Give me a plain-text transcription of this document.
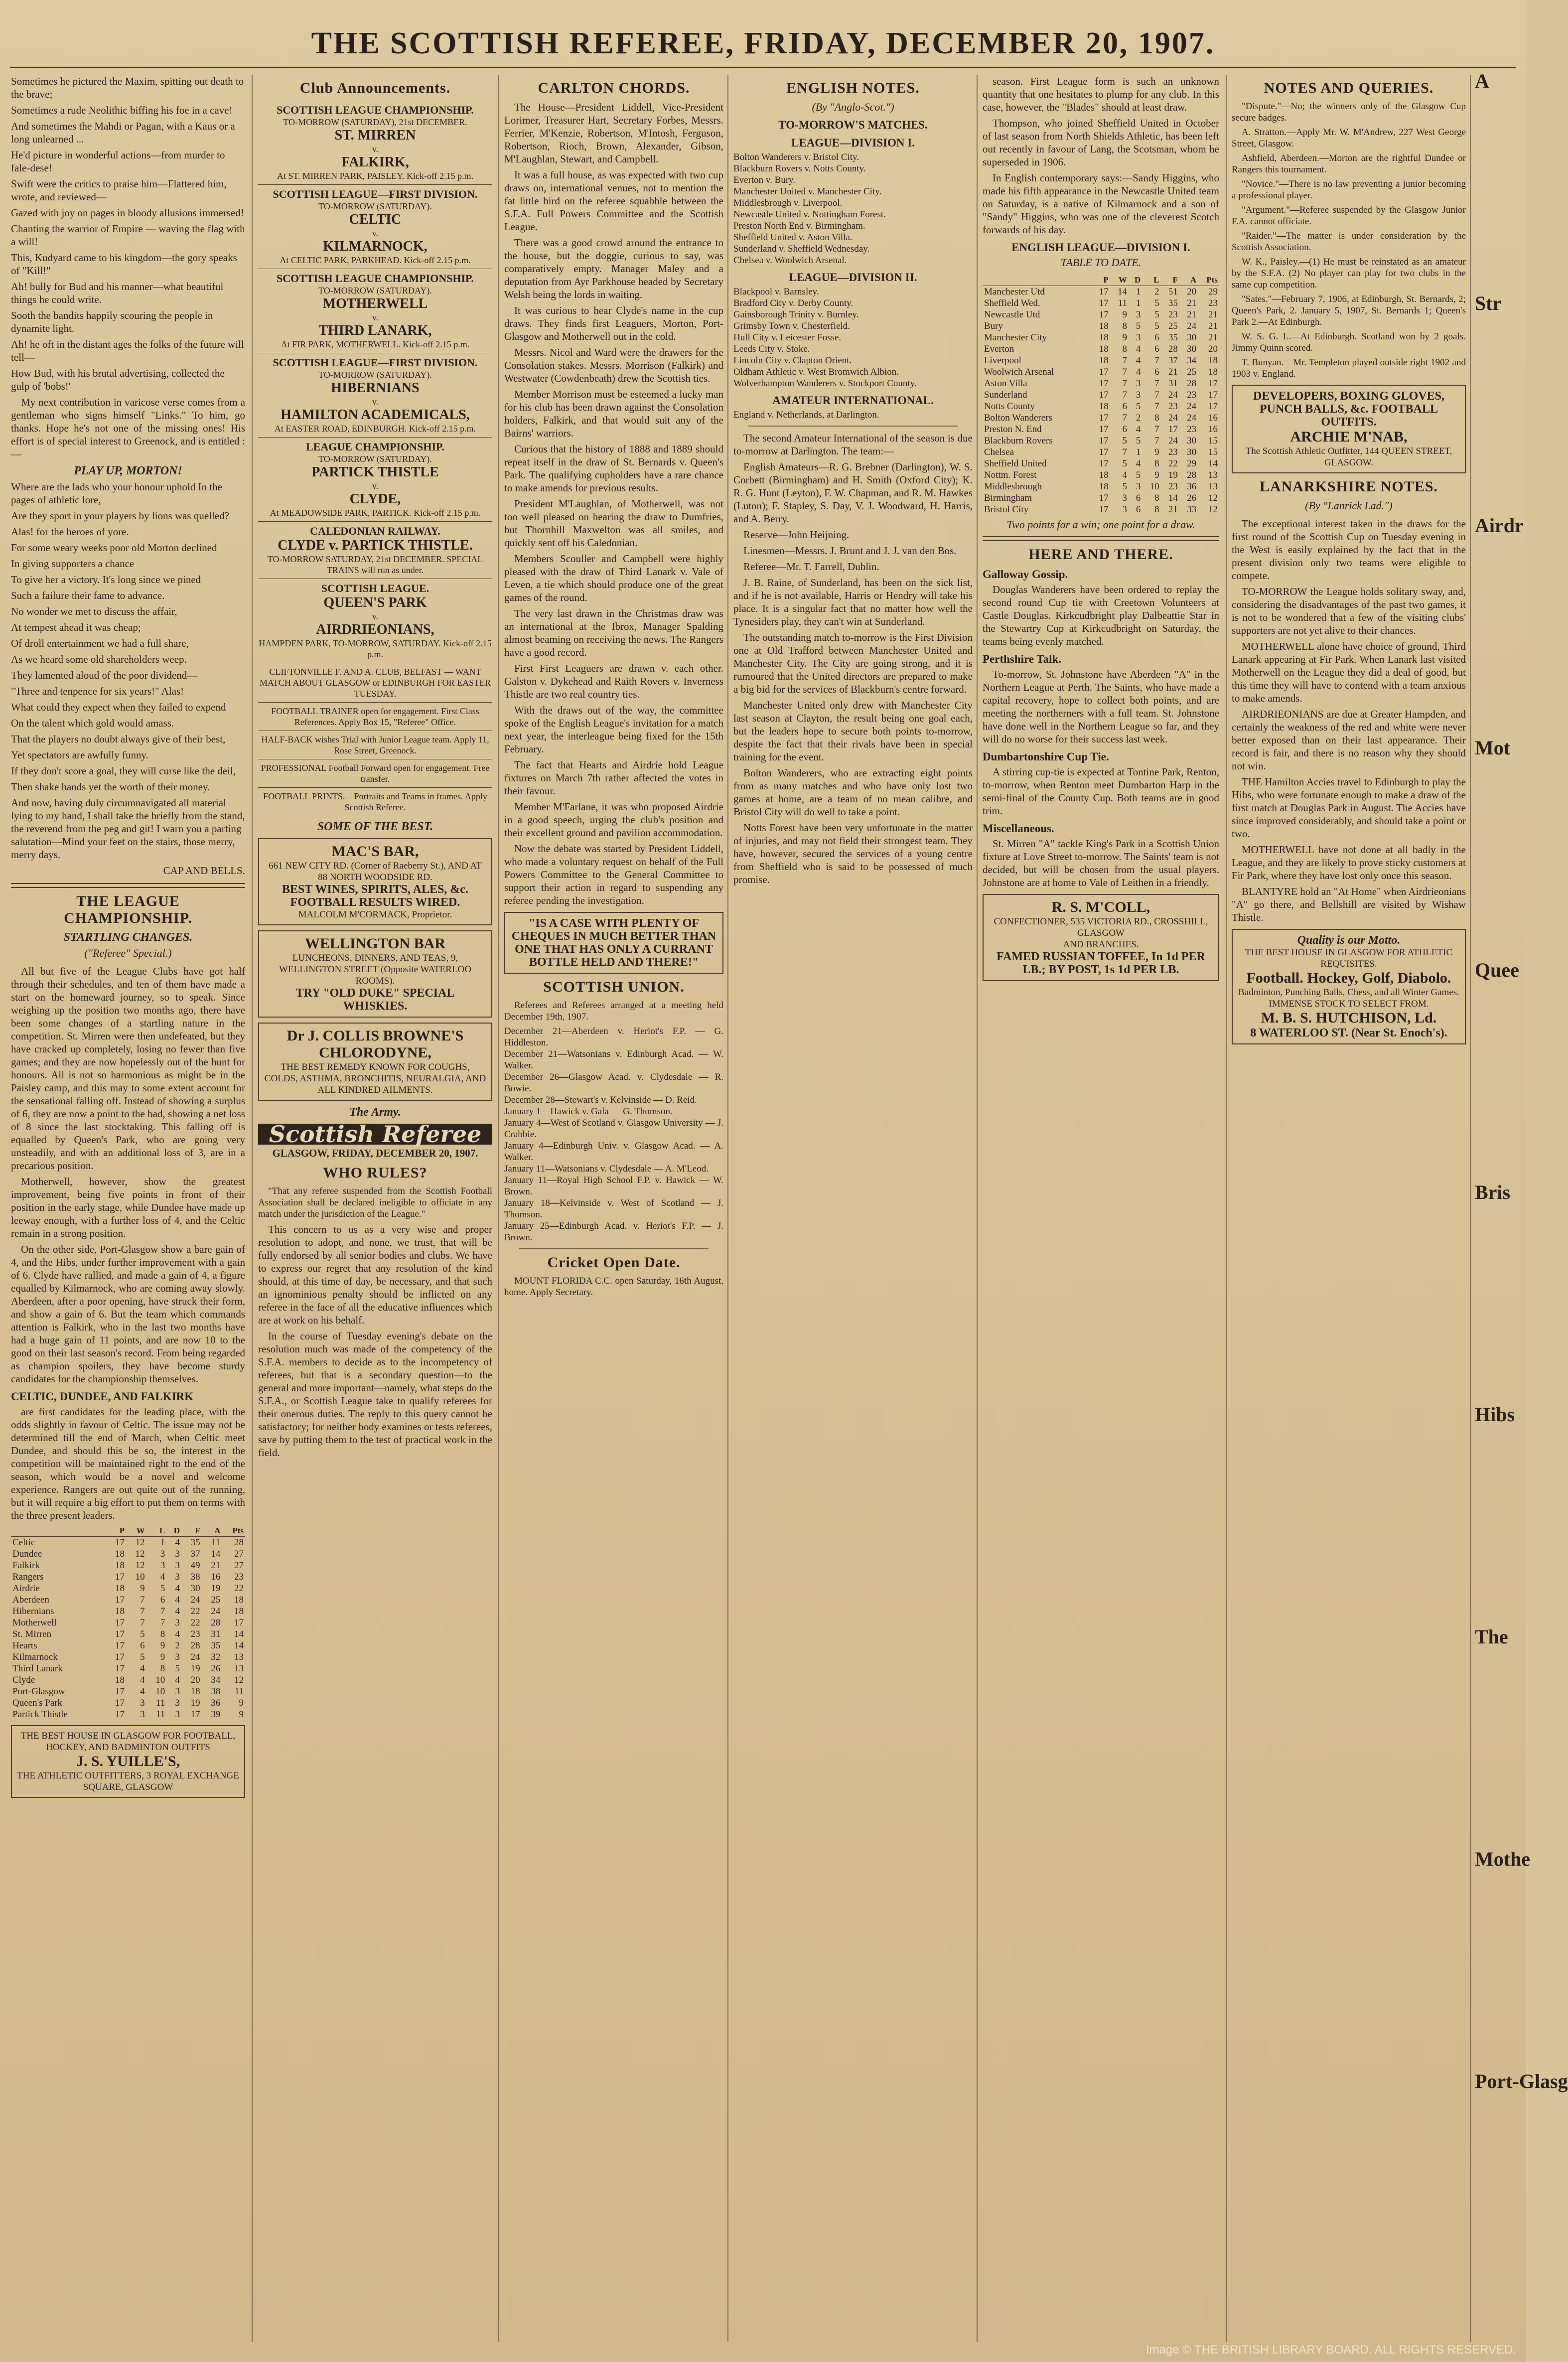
THE SCOTTISH REFEREE, FRIDAY, DECEMBER 20, 1907.

Sometimes he pictured the Maxim, spitting out death to the brave;

Sometimes a rude Neolithic biffing his foe in a cave!

And sometimes the Mahdi or Pagan, with a Kaus or a long unlearned ...

He'd picture in wonderful actions—from murder to fale-dese!

Swift were the critics to praise him—Flattered him, wrote, and reviewed—

Gazed with joy on pages in bloody allusions immersed!

Chanting the warrior of Empire — waving the flag with a will!

This, Kudyard came to his kingdom—the gory speaks of "Kill!"

Ah! bully for Bud and his manner—what beautiful things he could write.

Sooth the bandits happily scouring the people in dynamite light.

Ah! he oft in the distant ages the folks of the future will tell—

How Bud, with his brutal advertising, collected the gulp of 'bobs!'

My next contribution in varicose verse comes from a gentleman who signs himself "Links." To him, go thanks. Hope he's not one of the missing ones! His effort is of special interest to Greenock, and is entitled :—

PLAY UP, MORTON!

Where are the lads who your honour uphold In the pages of athletic lore,

Are they sport in your players by lions was quelled?

Alas! for the heroes of yore.

For some weary weeks poor old Morton declined

In giving supporters a chance

To give her a victory. It's long since we pined

Such a failure their fame to advance.

No wonder we met to discuss the affair,

At tempest ahead it was cheap;

Of droll entertainment we had a full share,

As we heard some old shareholders weep.

They lamented aloud of the poor dividend—

"Three and tenpence for six years!" Alas!

What could they expect when they failed to expend

On the talent which gold would amass.

That the players no doubt always give of their best,

Yet spectators are awfully funny.

If they don't score a goal, they will curse like the deil,

Then shake hands yet the worth of their money.

And now, having duly circumnavigated all material lying to my hand, I shall take the briefly from the stand, the reverend from the peg and git! I warn you a parting salutation—Mind your feet on the stairs, those merry, merry days.

CAP AND BELLS.
THE LEAGUE CHAMPIONSHIP.
STARTLING CHANGES.
("Referee" Special.)

All but five of the League Clubs have got half through their schedules, and ten of them have made a start on the homeward journey, so to speak. Since weighing up the position two months ago, there have been some changes of a startling nature in the competition. St. Mirren were then undefeated, but they have cracked up completely, losing no fewer than five games; and they are now hopelessly out of the hunt for honours. All is not so harmonious as might be in the Paisley camp, and this may to some extent account for the sensational falling off. Instead of showing a surplus of 6, they are now a point to the bad, showing a net loss of 8 since the last stocktaking. This falling off is equalled by Queen's Park, who are going very unsteadily, and with an additional loss of 3, are in a precarious position.

Motherwell, however, show the greatest improvement, being five points in front of their position in the early stage, while Dundee have made up leeway enough, with a further loss of 4, and the Celtic remain in a strong position.

On the other side, Port-Glasgow show a bare gain of 4, and the Hibs, under further improvement with a gain of 6. Clyde have rallied, and made a gain of 4, a figure equalled by Kilmarnock, who are coming away slowly. Aberdeen, after a poor opening, have struck their form, and show a gain of 6. But the team which commands attention is Falkirk, who in the last two months have had a huge gain of 11 points, and are now 10 to the good on their last season's record. From being regarded as champion spoilers, they have become sturdy candidates for the championship themselves.

CELTIC, DUNDEE, AND FALKIRK

are first candidates for the leading place, with the odds slightly in favour of Celtic. The issue may not be determined till the end of March, when Celtic meet Dundee, and should this be so, the interest in the competition will be maintained right to the end of the season, which would be a novel and welcome experience. Rangers are out quite out of the running, but it will require a big effort to put them on terms with the three present leaders.

	P	W	L	D	F	A	Pts
Celtic	17	12	1	4	35	11	28
Dundee	18	12	3	3	37	14	27
Falkirk	18	12	3	3	49	21	27
Rangers	17	10	4	3	38	16	23
Airdrie	18	9	5	4	30	19	22
Aberdeen	17	7	6	4	24	25	18
Hibernians	18	7	7	4	22	24	18
Motherwell	17	7	7	3	22	28	17
St. Mirren	17	5	8	4	23	31	14
Hearts	17	6	9	2	28	35	14
Kilmarnock	17	5	9	3	24	32	13
Third Lanark	17	4	8	5	19	26	13
Clyde	18	4	10	4	20	34	12
Port-Glasgow	17	4	10	3	18	38	11
Queen's Park	17	3	11	3	19	36	9
Partick Thistle	17	3	11	3	17	39	9
THE BEST HOUSE IN GLASGOW FOR FOOTBALL, HOCKEY, AND BADMINTON OUTFITS
J. S. YUILLE'S,
THE ATHLETIC OUTFITTERS, 3 ROYAL EXCHANGE SQUARE, GLASGOW
Club Announcements.
SCOTTISH LEAGUE CHAMPIONSHIP.
TO-MORROW (SATURDAY), 21st DECEMBER.
ST. MIRREN
v.
FALKIRK,
At ST. MIRREN PARK, PAISLEY. Kick-off 2.15 p.m.
SCOTTISH LEAGUE—FIRST DIVISION.
TO-MORROW (SATURDAY).
CELTIC
v.
KILMARNOCK,
At CELTIC PARK, PARKHEAD. Kick-off 2.15 p.m.
SCOTTISH LEAGUE CHAMPIONSHIP.
TO-MORROW (SATURDAY).
MOTHERWELL
v.
THIRD LANARK,
At FIR PARK, MOTHERWELL. Kick-off 2.15 p.m.
SCOTTISH LEAGUE—FIRST DIVISION.
TO-MORROW (SATURDAY).
HIBERNIANS
v.
HAMILTON ACADEMICALS,
At EASTER ROAD, EDINBURGH. Kick-off 2.15 p.m.
LEAGUE CHAMPIONSHIP.
TO-MORROW (SATURDAY).
PARTICK THISTLE
v.
CLYDE,
At MEADOWSIDE PARK, PARTICK. Kick-off 2.15 p.m.
CALEDONIAN RAILWAY.
CLYDE v. PARTICK THISTLE.
TO-MORROW SATURDAY, 21st DECEMBER. SPECIAL TRAINS will run as under.
SCOTTISH LEAGUE.
QUEEN'S PARK
v.
AIRDRIEONIANS,
HAMPDEN PARK, TO-MORROW, SATURDAY. Kick-off 2.15 p.m.
CLIFTONVILLE F. AND A. CLUB, BELFAST — WANT MATCH ABOUT GLASGOW or EDINBURGH FOR EASTER TUESDAY.
FOOTBALL TRAINER open for engagement. First Class References. Apply Box 15, "Referee" Office.
HALF-BACK wishes Trial with Junior League team. Apply 11, Rose Street, Greenock.
PROFESSIONAL Football Forward open for engagement. Free transfer.
FOOTBALL PRINTS.—Portraits and Teams in frames. Apply Scottish Referee.
SOME OF THE BEST.
MAC'S BAR,
661 NEW CITY RD. (Corner of Raeberry St.), AND AT 88 NORTH WOODSIDE RD.
BEST WINES, SPIRITS, ALES, &c.
FOOTBALL RESULTS WIRED.
MALCOLM M'CORMACK, Proprietor.
WELLINGTON BAR
LUNCHEONS, DINNERS, AND TEAS, 9, WELLINGTON STREET (Opposite WATERLOO ROOMS).
TRY "OLD DUKE" SPECIAL WHISKIES.
Dr J. COLLIS BROWNE'S CHLORODYNE,
THE BEST REMEDY KNOWN FOR COUGHS, COLDS, ASTHMA, BRONCHITIS, NEURALGIA, AND ALL KINDRED AILMENTS.
The Army.
Scottish Referee
GLASGOW, FRIDAY, DECEMBER 20, 1907.
WHO RULES?

"That any referee suspended from the Scottish Football Association shall be declared ineligible to officiate in any match under the jurisdiction of the League."

This concern to us as a very wise and proper resolution to adopt, and none, we trust, that will be fully endorsed by all senior bodies and clubs. We have to express our regret that any resolution of the kind should, at this time of day, be necessary, and that such an ignominious penalty should be inflicted on any referee in the face of all the educative influences which are at work on his behalf.

In the course of Tuesday evening's debate on the resolution much was made of the competency of the S.F.A. members to decide as to the incompetency of referees, but that is a secondary question—to the general and more important—namely, what steps do the S.F.A., or Scottish League take to qualify referees for their onerous duties. The reply to this query cannot be satisfactory; for neither body examines or tests referees, save by putting them to the test of practical work in the field.

CARLTON CHORDS.

The House—President Liddell, Vice-President Lorimer, Treasurer Hart, Secretary Forbes, Messrs. Ferrier, M'Kenzie, Robertson, M'Intosh, Ferguson, Robertson, Rioch, Brown, Alexander, Gibson, M'Laughlan, Stewart, and Campbell.

It was a full house, as was expected with two cup draws on, international venues, not to mention the fat little bird on the referee squabble between the S.F.A. Full Powers Committee and the Scottish League.

There was a good crowd around the entrance to the house, but the doggie, curious to say, was comparatively empty. Manager Maley and a deputation from Ayr Parkhouse headed by Secretary Welsh being the lords in waiting.

It was curious to hear Clyde's name in the cup draws. They finds first Leaguers, Morton, Port-Glasgow and Motherwell out in the cold.

Messrs. Nicol and Ward were the drawers for the Consolation stakes. Messrs. Morrison (Falkirk) and Westwater (Cowdenbeath) drew the Scottish ties.

Member Morrison must be esteemed a lucky man for his club has been drawn against the Consolation holders, Falkirk, and that would suit any of the Bairns' warriors.

Curious that the history of 1888 and 1889 should repeat itself in the draw of St. Bernards v. Queen's Park. The qualifying cupholders have a rare chance to make amends for previous results.

President M'Laughlan, of Motherwell, was not too well pleased on hearing the draw to Dumfries, but Thornhill Maxwelton was all smiles, and quickly sent off his Caledonian.

Members Scouller and Campbell were highly pleased with the draw of Third Lanark v. Vale of Leven, a tie which should produce one of the great games of the round.

The very last drawn in the Christmas draw was an international at the Ibrox, Manager Spalding almost beaming on receiving the news. The Rangers have a good record.

First First Leaguers are drawn v. each other. Galston v. Dykehead and Raith Rovers v. Inverness Thistle are two real country ties.

With the draws out of the way, the committee spoke of the English League's invitation for a match next year, the interleague being fixed for the 15th February.

The fact that Hearts and Airdrie hold League fixtures on March 7th rather affected the votes in their favour.

Member M'Farlane, it was who proposed Airdrie in a good speech, urging the club's position and their excellent ground and pavilion accommodation.

Now the debate was started by President Liddell, who made a voluntary request on behalf of the Full Powers Committee to the General Committee to support their action in regard to suspending any referee pending the investigation.

"IS A CASE WITH PLENTY OF CHEQUES IN MUCH BETTER THAN ONE THAT HAS ONLY A CURRANT BOTTLE HELD AND THERE!"
SCOTTISH UNION.

Referees and Referees arranged at a meeting held December 19th, 1907.

December 21—Aberdeen v. Heriot's F.P. — G. Hiddleston.

December 21—Watsonians v. Edinburgh Acad. — W. Walker.

December 26—Glasgow Acad. v. Clydesdale — R. Bowie.

December 28—Stewart's v. Kelvinside — D. Reid.

January 1—Hawick v. Gala — G. Thomson.

January 4—West of Scotland v. Glasgow University — J. Crabbie.

January 4—Edinburgh Univ. v. Glasgow Acad. — A. Walker.

January 11—Watsonians v. Clydesdale — A. M'Leod.

January 11—Royal High School F.P. v. Hawick — W. Brown.

January 18—Kelvinside v. West of Scotland — J. Thomson.

January 25—Edinburgh Acad. v. Heriot's F.P. — J. Brown.

Cricket Open Date.

MOUNT FLORIDA C.C. open Saturday, 16th August, home. Apply Secretary.

ENGLISH NOTES.
(By "Anglo-Scot.")
TO-MORROW'S MATCHES.
LEAGUE—DIVISION I.

Bolton Wanderers v. Bristol City.

Blackburn Rovers v. Notts County.

Everton v. Bury.

Manchester United v. Manchester City.

Middlesbrough v. Liverpool.

Newcastle United v. Nottingham Forest.

Preston North End v. Birmingham.

Sheffield United v. Aston Villa.

Sunderland v. Sheffield Wednesday.

Chelsea v. Woolwich Arsenal.

LEAGUE—DIVISION II.

Blackpool v. Barnsley.

Bradford City v. Derby County.

Gainsborough Trinity v. Burnley.

Grimsby Town v. Chesterfield.

Hull City v. Leicester Fosse.

Leeds City v. Stoke.

Lincoln City v. Clapton Orient.

Oldham Athletic v. West Bromwich Albion.

Wolverhampton Wanderers v. Stockport County.

AMATEUR INTERNATIONAL.

England v. Netherlands, at Darlington.

The second Amateur International of the season is due to-morrow at Darlington. The team:—

English Amateurs—R. G. Brebner (Darlington), W. S. Corbett (Birmingham) and H. Smith (Oxford City); K. R. G. Hunt (Leyton), F. W. Chapman, and R. M. Hawkes (Luton); F. Stapley, S. Day, V. J. Woodward, H. Harris, and A. Berry.

Reserve—John Heijning.

Linesmen—Messrs. J. Brunt and J. J. van den Bos.

Referee—Mr. T. Farrell, Dublin.

J. B. Raine, of Sunderland, has been on the sick list, and if he is not available, Harris or Hendry will take his place. It is a singular fact that no matter how well the Tynesiders play, they can't win at Sunderland.

The outstanding match to-morrow is the First Division one at Old Trafford between Manchester United and Manchester City. The City are going strong, and it is rumoured that the United directors are prepared to make a big bid for the services of Blackburn's centre forward.

Manchester United only drew with Manchester City last season at Clayton, the result being one goal each, but the leaders hope to secure both points to-morrow, despite the fact that their rivals have been in special training for the event.

Bolton Wanderers, who are extracting eight points from as many matches and who have only lost two games at home, are a team of no mean calibre, and Bristol City will do well to take a point.

Notts Forest have been very unfortunate in the matter of injuries, and may not field their strongest team. They have, however, secured the services of a young centre from Sheffield who is said to be possessed of much promise.

season. First League form is such an unknown quantity that one hesitates to plump for any club. In this case, however, the "Blades" should at least draw.

Thompson, who joined Sheffield United in October of last season from North Shields Athletic, has been left out recently in favour of Lang, the Scotsman, whom he superseded in 1906.

In English contemporary says:—Sandy Higgins, who made his fifth appearance in the Newcastle United team on Saturday, is a native of Kilmarnock and a son of "Sandy" Higgins, who was one of the cleverest Scotch forwards of his day.

ENGLISH LEAGUE—DIVISION I.
TABLE TO DATE.
	P	W	D	L	F	A	Pts
Manchester Utd	17	14	1	2	51	20	29
Sheffield Wed.	17	11	1	5	35	21	23
Newcastle Utd	17	9	3	5	23	21	21
Bury	18	8	5	5	25	24	21
Manchester City	18	9	3	6	35	30	21
Everton	18	8	4	6	28	30	20
Liverpool	18	7	4	7	37	34	18
Woolwich Arsenal	17	7	4	6	21	25	18
Aston Villa	17	7	3	7	31	28	17
Sunderland	17	7	3	7	24	23	17
Notts County	18	6	5	7	23	24	17
Bolton Wanderers	17	7	2	8	24	24	16
Preston N. End	17	6	4	7	17	23	16
Blackburn Rovers	17	5	5	7	24	30	15
Chelsea	17	7	1	9	23	30	15
Sheffield United	17	5	4	8	22	29	14
Nottm. Forest	18	4	5	9	19	28	13
Middlesbrough	18	5	3	10	23	36	13
Birmingham	17	3	6	8	14	26	12
Bristol City	17	3	6	8	21	33	12
Two points for a win; one point for a draw.
HERE AND THERE.
Galloway Gossip.

Douglas Wanderers have been ordered to replay the second round Cup tie with Creetown Volunteers at Castle Douglas. Kirkcudbright play Dalbeattie Star in the Stewartry Cup at Kirkcudbright on Saturday, the teams being evenly matched.

Perthshire Talk.

To-morrow, St. Johnstone have Aberdeen "A" in the Northern League at Perth. The Saints, who have made a capital recovery, hope to collect both points, and are meeting the northerners with a full team. St. Johnstone have done well in the Northern League so far, and they will do no worse for their success last week.

Dumbartonshire Cup Tie.

A stirring cup-tie is expected at Tontine Park, Renton, to-morrow, when Renton meet Dumbarton Harp in the semi-final of the County Cup. Both teams are in good trim.

Miscellaneous.

St. Mirren "A" tackle King's Park in a Scottish Union fixture at Love Street to-morrow. The Saints' team is not decided, but will be chosen from the usual players. Johnstone are at home to Vale of Leithen in a friendly.

R. S. M'COLL,
CONFECTIONER, 535 VICTORIA RD., CROSSHILL, GLASGOW
AND BRANCHES.
FAMED RUSSIAN TOFFEE, In 1d PER LB.; BY POST, 1s 1d PER LB.
NOTES AND QUERIES.

"Dispute."—No; the winners only of the Glasgow Cup secure badges.

A. Stratton.—Apply Mr. W. M'Andrew, 227 West George Street, Glasgow.

Ashfield, Aberdeen.—Morton are the rightful Dundee or Rangers this tournament.

"Novice."—There is no law preventing a junior becoming a professional player.

"Argument."—Referee suspended by the Glasgow Junior F.A. cannot officiate.

"Raider."—The matter is under consideration by the Scottish Association.

W. K., Paisley.—(1) He must be reinstated as an amateur by the S.F.A. (2) No player can play for two clubs in the same cup competition.

"Sates."—February 7, 1906, at Edinburgh, St. Bernards, 2; Queen's Park, 2. January 5, 1907, St. Bernards 1; Queen's Park 2.—At Edinburgh.

W. S. G. L.—At Edinburgh. Scotland won by 2 goals. Jimmy Quinn scored.

T. Bunyan.—Mr. Templeton played outside right 1902 and 1903 v. England.

DEVELOPERS, BOXING GLOVES, PUNCH BALLS, &c. FOOTBALL OUTFITS.
ARCHIE M'NAB,
The Scottish Athletic Outfitter, 144 QUEEN STREET, GLASGOW.
LANARKSHIRE NOTES.
(By "Lanrick Lad.")

The exceptional interest taken in the draws for the first round of the Scottish Cup on Tuesday evening in the West is easily explained by the fact that in the present division only two teams were eligible to compete.

TO-MORROW the League holds solitary sway, and, considering the disadvantages of the past two games, it is not to be wondered that a few of the visiting clubs' supporters are not yet alive to their chances.

MOTHERWELL alone have choice of ground, Third Lanark appearing at Fir Park. When Lanark last visited Motherwell on the League they did a deal of good, but this time they will have to contend with a team anxious to make amends.

AIRDRIEONIANS are due at Greater Hampden, and certainly the weakness of the red and white were never better exposed than on their last appearance. Their record is fair, and there is no reason why they should not win.

THE Hamilton Accies travel to Edinburgh to play the Hibs, who were fortunate enough to make a draw of the first match at Douglas Park in August. The Accies have since improved considerably, and should take a point or two.

MOTHERWELL have not done at all badly in the League, and they are likely to prove sticky customers at Fir Park, where they have lost only once this season.

BLANTYRE hold an "At Home" when Airdrieonians "A" go there, and Bellshill are visited by Wishaw Thistle.

Quality is our Motto.
THE BEST HOUSE IN GLASGOW FOR ATHLETIC REQUISITES.
Football. Hockey, Golf, Diabolo.
Badminton, Punching Balls, Chess, and all Winter Games.
IMMENSE STOCK TO SELECT FROM.
M. B. S. HUTCHISON, Ld.
8 WATERLOO ST. (Near St. Enoch's).
A
Str
Airdr
Mot
Quee
Bris
Hibs
The
Mothe
Port-Glasg
Image © THE BRITISH LIBRARY BOARD. ALL RIGHTS RESERVED.
